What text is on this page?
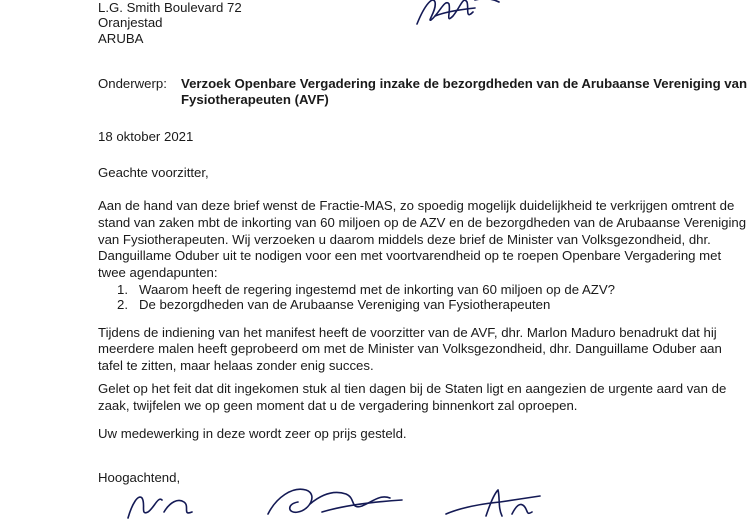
L.G. Smith Boulevard 72
Oranjestad
ARUBA
Onderwerp: Verzoek Openbare Vergadering inzake de bezorgdheden van de Arubaanse Vereniging van
Fysiotherapeuten (AVF)
18 oktober 2021
Geachte voorzitter,
Aan de hand van deze brief wenst de Fractie-MAS, zo spoedig mogelijk duidelijkheid te verkrijgen omtrent de
stand van zaken mbt de inkorting van 60 miljoen op de AZV en de bezorgdheden van de Arubaanse Vereniging
van Fysiotherapeuten. Wij verzoeken u daarom middels deze brief de Minister van Volksgezondheid, dhr.
Danguillame Oduber uit te nodigen voor een met voortvarendheid op te roepen Openbare Vergadering met
twee agendapunten:
1. Waarom heeft de regering ingestemd met de inkorting van 60 miljoen op de AZV?
2. De bezorgdheden van de Arubaanse Vereniging van Fysiotherapeuten
Tijdens de indiening van het manifest heeft de voorzitter van de AVF, dhr. Marlon Maduro benadrukt dat hij
meerdere malen heeft geprobeerd om met de Minister van Volksgezondheid, dhr. Danguillame Oduber aan
tafel te zitten, maar helaas zonder enig succes.
Gelet op het feit dat dit ingekomen stuk al tien dagen bij de Staten ligt en aangezien de urgente aard van de
zaak, twijfelen we op geen moment dat u de vergadering binnenkort zal oproepen.
Uw medewerking in deze wordt zeer op prijs gesteld.
Hoogachtend,
